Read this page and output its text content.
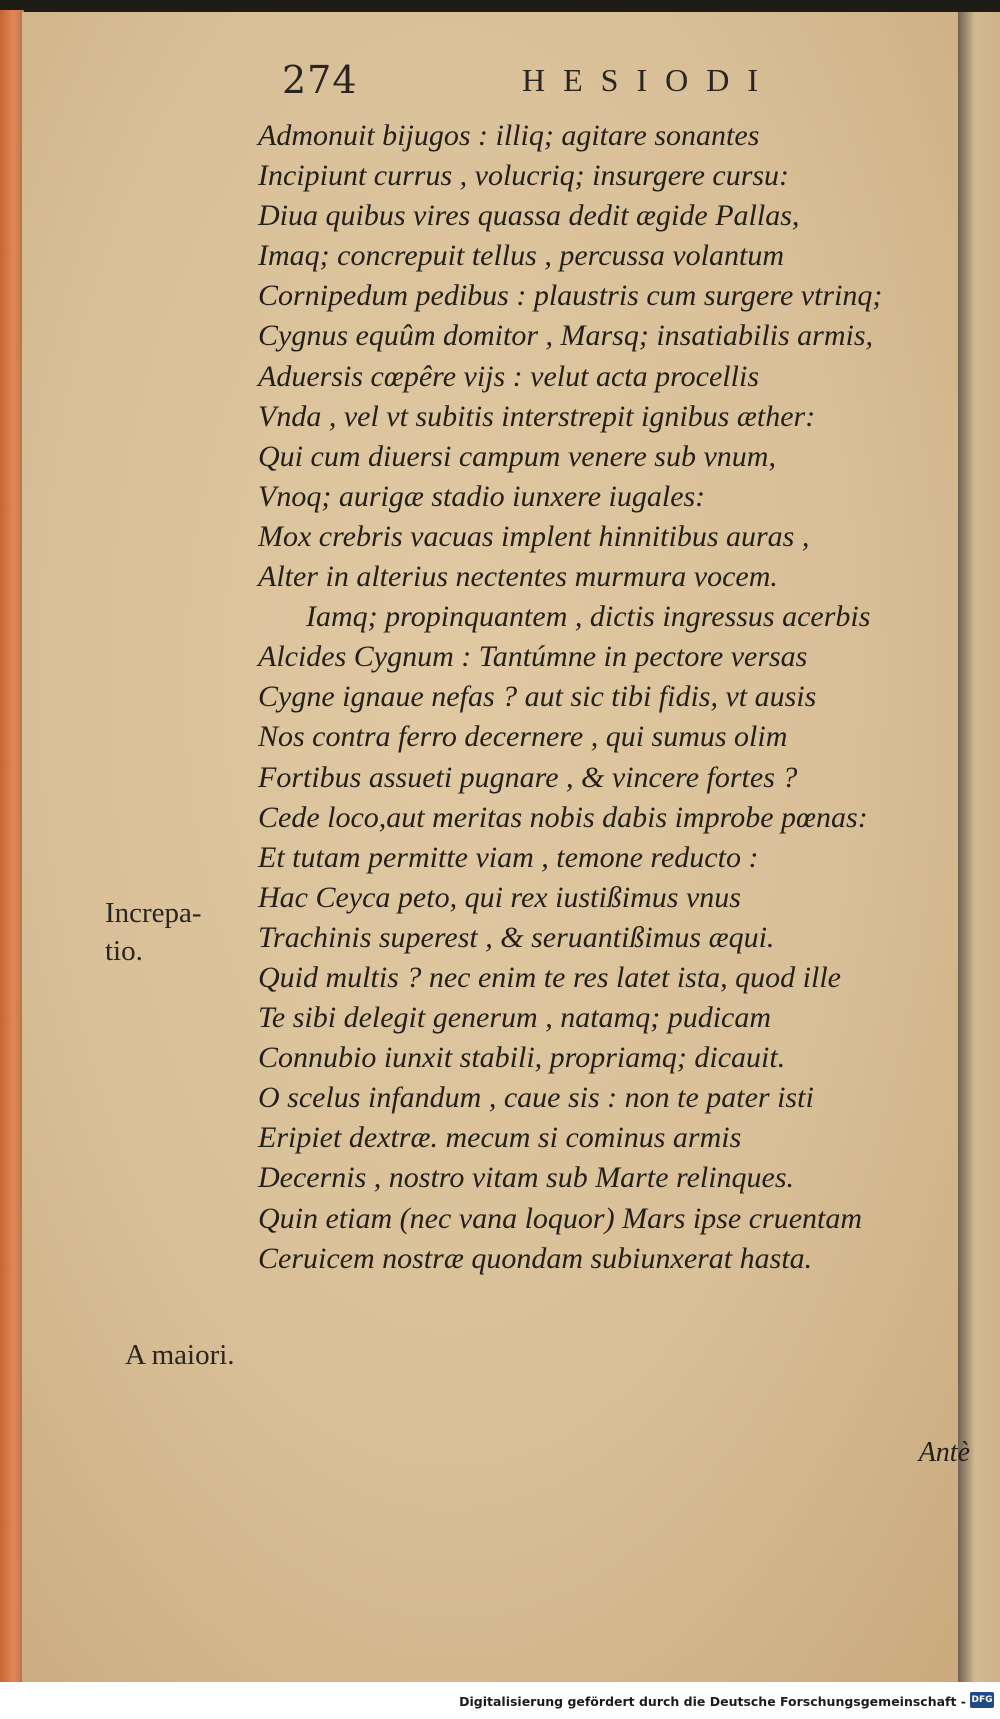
274	HESIODI
Admonuit bijugos : illiq; agitare sonantes
Incipiunt currus , volucriq; insurgere cursu:
Diua quibus vires quassa dedit ægide Pallas,
Imaq; concrepuit tellus , percussa volantum
Cornipedum pedibus : plaustris cum surgere vtrinq;
Cygnus equûm domitor , Marsq; insatiabilis armis,
Aduersis cœpêre vijs : velut acta procellis
Vnda , vel vt subitis interstrepit ignibus æther:
Qui cum diuersi campum venere sub vnum,
Vnoq; aurigæ stadio iunxere iugales:
Mox crebris vacuas implent hinnitibus auras ,
Alter in alterius nectentes murmura vocem.
Iamq; propinquantem , dictis ingressus acerbis
Alcides Cygnum : Tantúmne in pectore versas
Cygne ignaue nefas ? aut sic tibi fidis, vt ausis
Nos contra ferro decernere , qui sumus olim
Fortibus assueti pugnare , & vincere fortes ?
Cede loco,aut meritas nobis dabis improbe pœnas:
Et tutam permitte viam , temone reducto :
Hac Ceyca peto, qui rex iustißimus vnus
Trachinis superest , & seruantißimus æqui.
Quid multis ? nec enim te res latet ista, quod ille
Te sibi delegit generum , natamq; pudicam
Connubio iunxit stabili, propriamq; dicauit.
O scelus infandum , caue sis : non te pater isti
Eripiet dextræ. mecum si cominus armis
Decernis , nostro vitam sub Marte relinques.
Quin etiam (nec vana loquor) Mars ipse cruentam
Ceruicem nostræ quondam subiunxerat hasta.
Increpa-
tio.
A maiori.
Antè
Digitalisierung gefördert durch die Deutsche Forschungsgemeinschaft - DFG
